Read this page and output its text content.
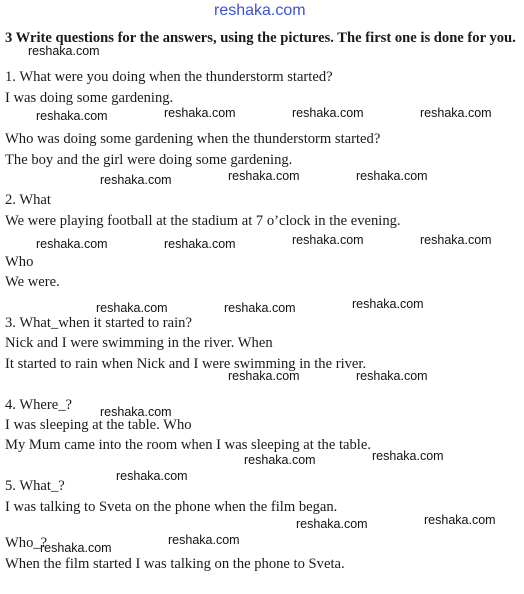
reshaka.com
3 Write questions for the answers, using the pictures. The first one is done for you.
1. What were you doing when the thunderstorm started?
I was doing some gardening.
Who was doing some gardening when the thunderstorm started?
The boy and the girl were doing some gardening.
2. What
We were playing football at the stadium at 7 o’clock in the evening.
Who
We were.
3. What_when it started to rain?
Nick and I were swimming in the river. When
It started to rain when Nick and I were swimming in the river.
4. Where_?
I was sleeping at the table. Who
My Mum came into the room when I was sleeping at the table.
5. What_?
I was talking to Sveta on the phone when the film began.
Who_?
When the film started I was talking on the phone to Sveta.
reshaka.com
reshaka.com	reshaka.com	reshaka.com	reshaka.com
reshaka.com	reshaka.com	reshaka.com
reshaka.com	reshaka.com	reshaka.com	reshaka.com
reshaka.com	reshaka.com	reshaka.com
reshaka.com	reshaka.com
reshaka.com
reshaka.com	reshaka.com
reshaka.com
reshaka.com	reshaka.com
reshaka.com
reshaka.com
